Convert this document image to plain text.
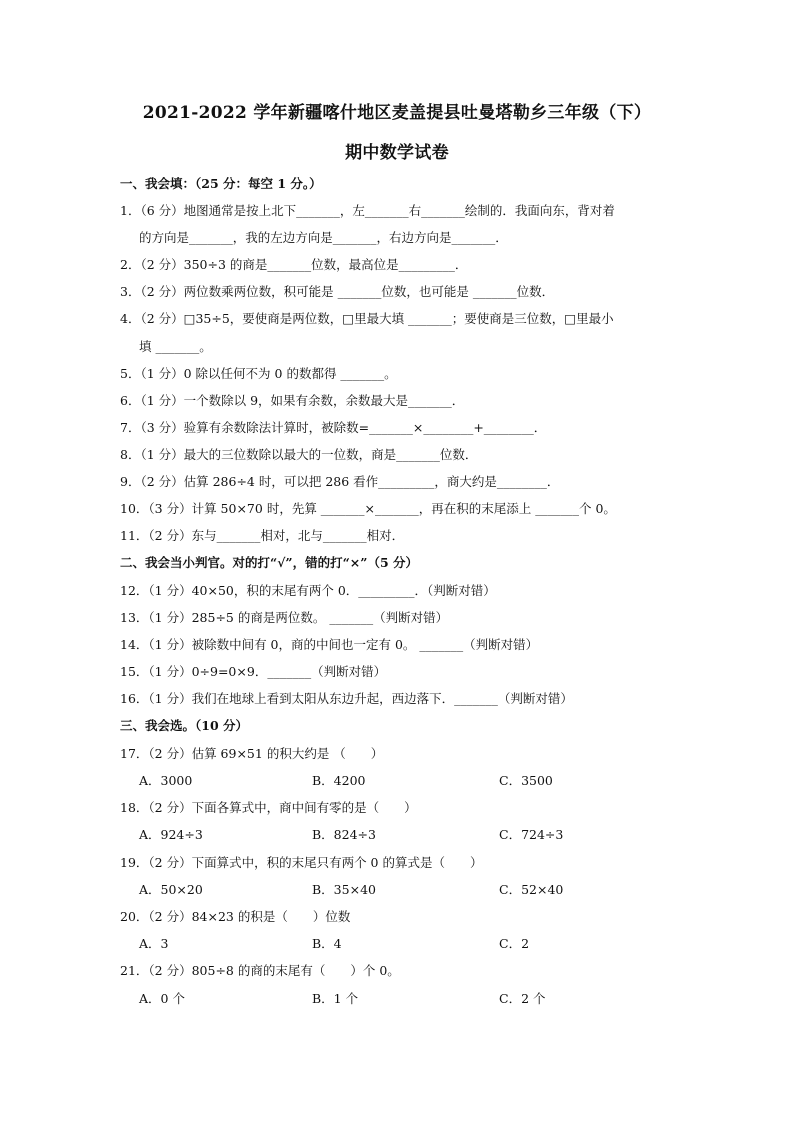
2021-2022 学年新疆喀什地区麦盖提县吐曼塔勒乡三年级（下）
期中数学试卷
一、我会填：（25 分：每空 1 分。）
1．（6 分）地图通常是按上北下_______，左_______右_______绘制的．我面向东，背对着
的方向是_______，我的左边方向是_______，右边方向是_______．
2．（2 分）350÷3 的商是_______位数，最高位是_________．
3．（2 分）两位数乘两位数，积可能是 _______位数，也可能是 _______位数．
4．（2 分）□35÷5，要使商是两位数，□里最大填 _______；要使商是三位数，□里最小
填 _______。
5．（1 分）0 除以任何不为 0 的数都得 _______。
6．（1 分）一个数除以 9，如果有余数，余数最大是_______．
7．（3 分）验算有余数除法计算时，被除数=_______×________+________．
8．（1 分）最大的三位数除以最大的一位数，商是_______位数．
9．（2 分）估算 286÷4 时，可以把 286 看作_________，商大约是________．
10．（3 分）计算 50×70 时，先算 _______×_______，再在积的末尾添上 _______个 0。
11．（2 分）东与_______相对，北与_______相对．
二、我会当小判官。对的打“√”，错的打“×”（5 分）
12．（1 分）40×50，积的末尾有两个 0．_________．（判断对错）
13．（1 分）285÷5 的商是两位数。 _______（判断对错）
14．（1 分）被除数中间有 0，商的中间也一定有 0。 _______（判断对错）
15．（1 分）0÷9=0×9．_______（判断对错）
16．（1 分）我们在地球上看到太阳从东边升起，西边落下．_______（判断对错）
三、我会选。（10 分）
17．（2 分）估算 69×51 的积大约是 （　　）
A．3000	B．4200	C．3500
18．（2 分）下面各算式中，商中间有零的是（　　）
A．924÷3	B．824÷3	C．724÷3
19．（2 分）下面算式中，积的末尾只有两个 0 的算式是（　　）
A．50×20	B．35×40	C．52×40
20．（2 分）84×23 的积是（　　）位数
A．3	B．4	C．2
21．（2 分）805÷8 的商的末尾有（　　）个 0。
A．0 个	B．1 个	C．2 个
